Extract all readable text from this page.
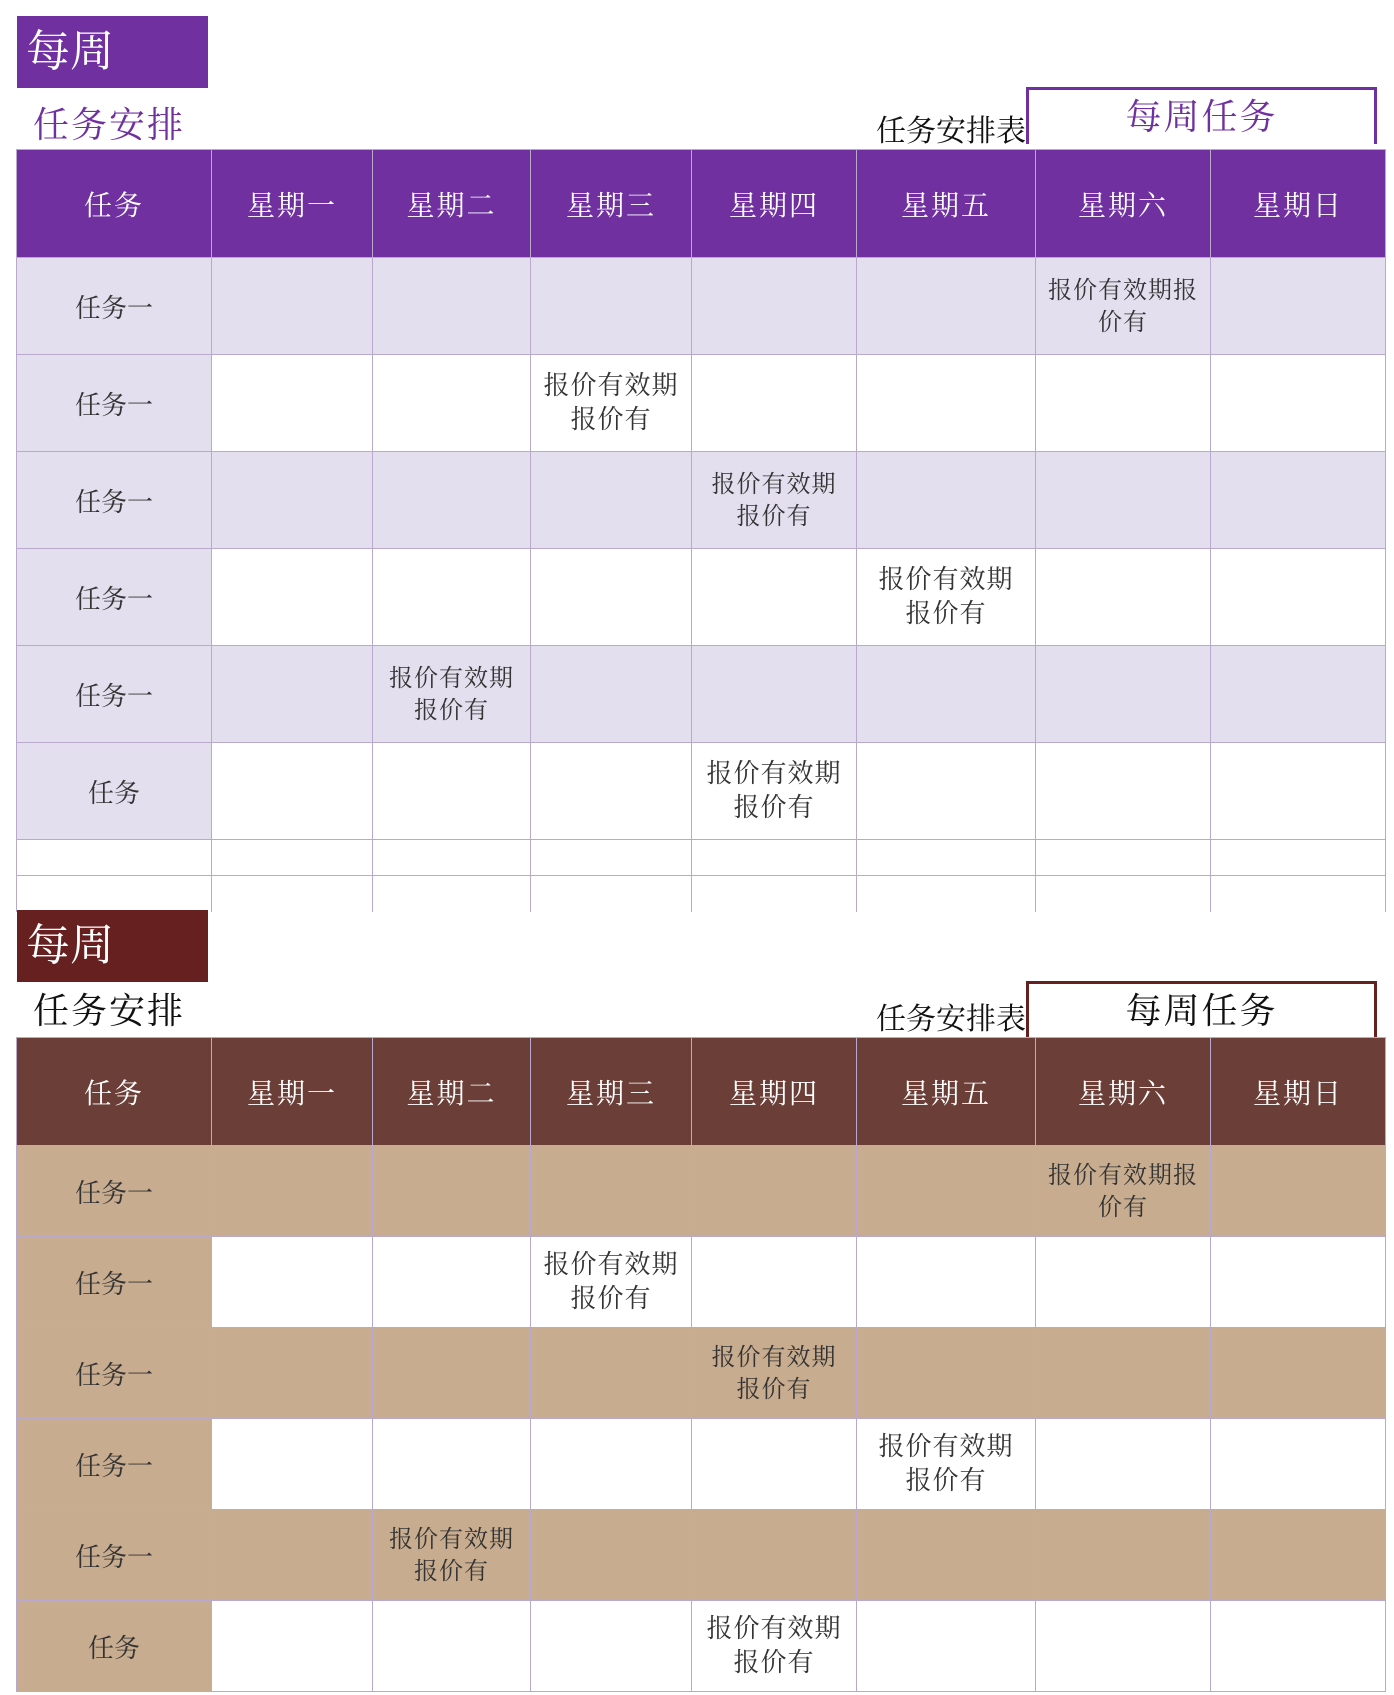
每周
任务安排	任务安排表	每周任务
任务	星期一	星期二	星期三	星期四	星期五	星期六	星期日
任务一						报价有效期报价有	

任务一			报价有效期报价有				

任务一				报价有效期报价有			

任务一					报价有效期报价有		

任务一		报价有效期报价有					

任务				报价有效期报价有			

每周
任务安排	任务安排表	每周任务
任务	星期一	星期二	星期三	星期四	星期五	星期六	星期日
任务一						报价有效期报价有	

任务一			报价有效期报价有				

任务一				报价有效期报价有			

任务一					报价有效期报价有		

任务一		报价有效期报价有					

任务				报价有效期报价有			
